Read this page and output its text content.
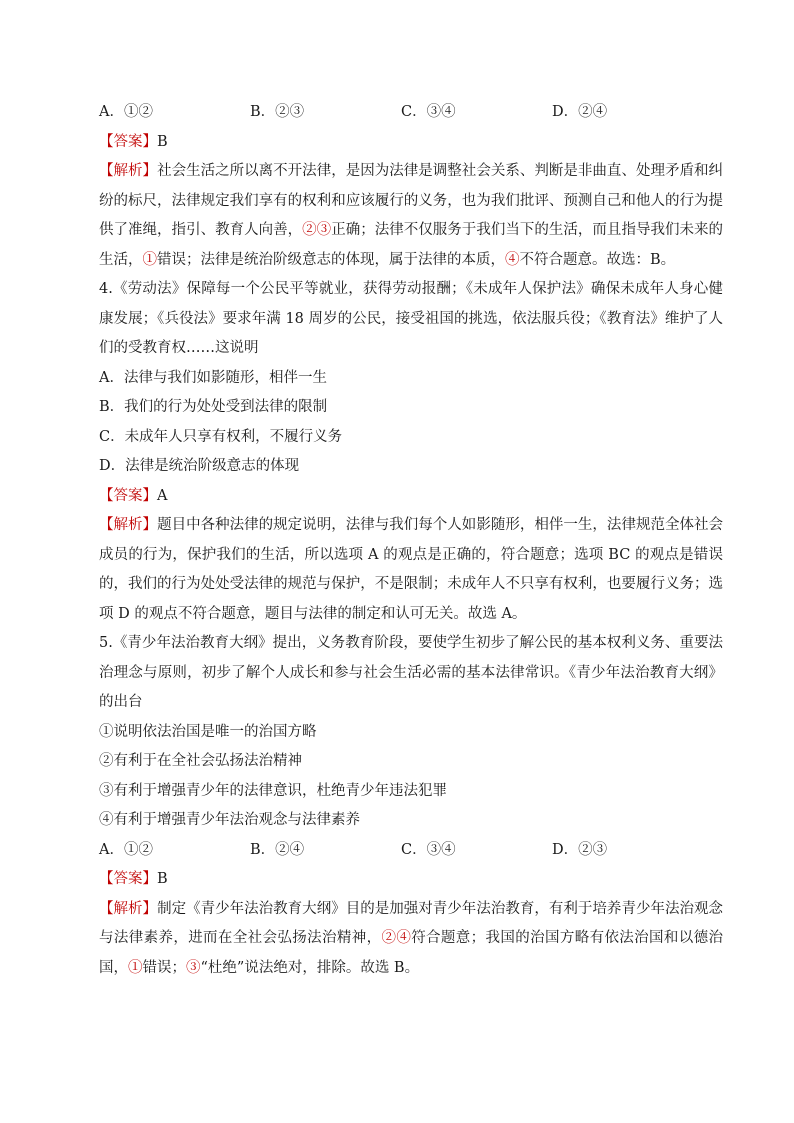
A．①②	B．②③	C．③④	D．②④
【答案】B
【解析】社会生活之所以离不开法律，是因为法律是调整社会关系、判断是非曲直、处理矛盾和纠纷的标尺，法律规定我们享有的权利和应该履行的义务，也为我们批评、预测自己和他人的行为提供了准绳，指引、教育人向善，②③正确；法律不仅服务于我们当下的生活，而且指导我们未来的生活，①错误；法律是统治阶级意志的体现，属于法律的本质，④不符合题意。故选：B。
4.《劳动法》保障每一个公民平等就业，获得劳动报酬；《未成年人保护法》确保未成年人身心健康发展；《兵役法》要求年满 18 周岁的公民，接受祖国的挑选，依法服兵役；《教育法》维护了人们的受教育权……这说明
A．法律与我们如影随形，相伴一生
B．我们的行为处处受到法律的限制
C．未成年人只享有权利，不履行义务
D．法律是统治阶级意志的体现
【答案】A
【解析】题目中各种法律的规定说明，法律与我们每个人如影随形，相伴一生，法律规范全体社会成员的行为，保护我们的生活，所以选项 A 的观点是正确的，符合题意；选项 BC 的观点是错误的，我们的行为处处受法律的规范与保护，不是限制；未成年人不只享有权利，也要履行义务；选项 D 的观点不符合题意，题目与法律的制定和认可无关。故选 A。
5.《青少年法治教育大纲》提出，义务教育阶段，要使学生初步了解公民的基本权利义务、重要法治理念与原则，初步了解个人成长和参与社会生活必需的基本法律常识。《青少年法治教育大纲》的出台
①说明依法治国是唯一的治国方略
②有利于在全社会弘扬法治精神
③有利于增强青少年的法律意识，杜绝青少年违法犯罪
④有利于增强青少年法治观念与法律素养
A．①②	B．②④	C．③④	D．②③
【答案】B
【解析】制定《青少年法治教育大纲》目的是加强对青少年法治教育，有利于培养青少年法治观念与法律素养，进而在全社会弘扬法治精神，②④符合题意；我国的治国方略有依法治国和以德治国，①错误；③“杜绝”说法绝对，排除。故选 B。
